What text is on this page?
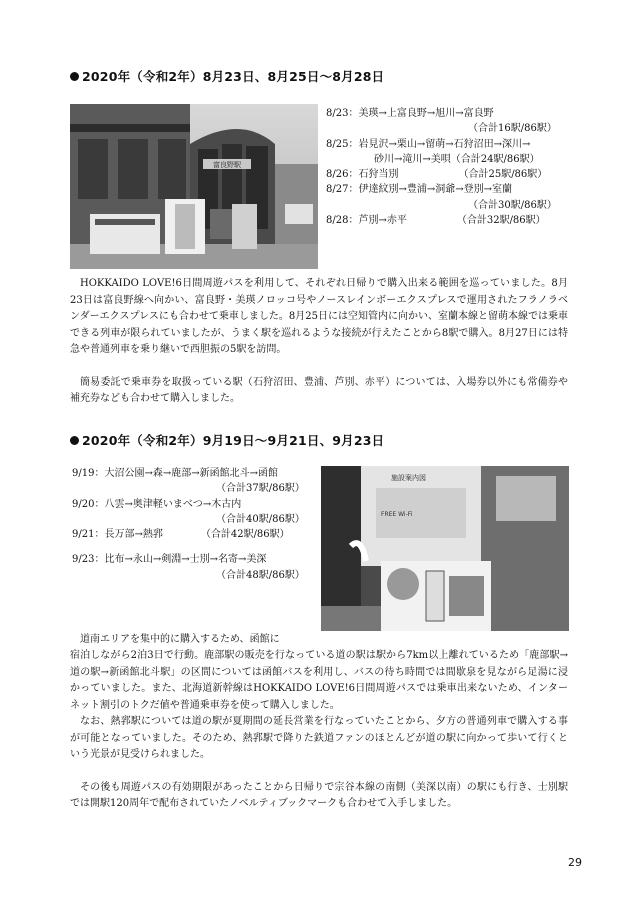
2020年（令和2年）8月23日、8月25日〜8月28日
富良野駅
8/23：美瑛→上富良野→旭川→富良野
（合計16駅/86駅）
8/25：岩見沢→栗山→留萌→石狩沼田→深川→
砂川→滝川→美唄（合計24駅/86駅）
8/26：石狩当別	（合計25駅/86駅）
8/27：伊達紋別→豊浦→洞爺→登別→室蘭
（合計30駅/86駅）
8/28：芦別→赤平	（合計32駅/86駅）

HOKKAIDO LOVE!6日間周遊パスを利用して、それぞれ日帰りで購入出来る範囲を巡っていました。8月23日は富良野線へ向かい、富良野・美瑛ノロッコ号やノースレインボーエクスプレスで運用されたフラノラベンダーエクスプレスにも合わせて乗車しました。8月25日には空知管内に向かい、室蘭本線と留萌本線では乗車できる列車が限られていましたが、うまく駅を巡れるような接続が行えたことから8駅で購入。8月27日には特急や普通列車を乗り継いで西胆振の5駅を訪問。

簡易委託で乗車券を取扱っている駅（石狩沼田、豊浦、芦別、赤平）については、入場券以外にも常備券や補充券なども合わせて購入しました。

2020年（令和2年）9月19日〜9月21日、9月23日
9/19：大沼公園→森→鹿部→新函館北斗→函館
（合計37駅/86駅）
9/20：八雲→奥津軽いまべつ→木古内
（合計40駅/86駅）
9/21：長万部→熱郛	（合計42駅/86駅）
9/23：比布→永山→剣淵→士別→名寄→美深
（合計48駅/86駅）
施設案内図
FREE Wi-Fi

道南エリアを集中的に購入するため、函館に

宿泊しながら2泊3日で行動。鹿部駅の販売を行なっている道の駅は駅から7km以上離れているため「鹿部駅→道の駅→新函館北斗駅」の区間については函館バスを利用し、バスの待ち時間では間歇泉を見ながら足湯に浸かっていました。また、北海道新幹線はHOKKAIDO LOVE!6日間周遊パスでは乗車出来ないため、インターネット割引のトクだ値や普通乗車券を使って購入しました。

なお、熱郛駅については道の駅が夏期間の延長営業を行なっていたことから、夕方の普通列車で購入する事が可能となっていました。そのため、熱郛駅で降りた鉄道ファンのほとんどが道の駅に向かって歩いて行くという光景が見受けられました。

その後も周遊パスの有効期限があったことから日帰りで宗谷本線の南側（美深以南）の駅にも行き、士別駅では開駅120周年で配布されていたノベルティブックマークも合わせて入手しました。

29
